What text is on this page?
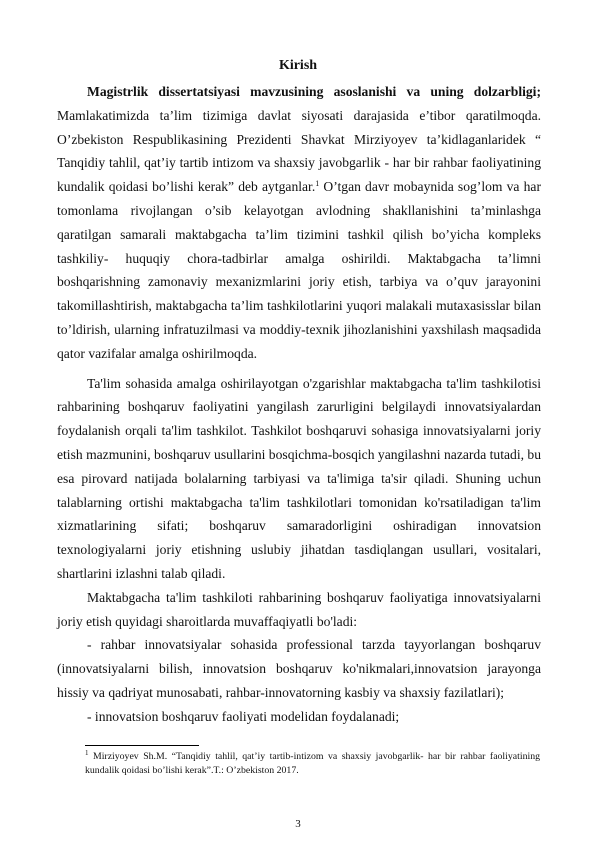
Kirish

Magistrlik dissertatsiyasi mavzusining asoslanishi va uning dolzarbligi; Mamlakatimizda ta’lim tizimiga davlat siyosati darajasida e’tibor qaratilmoqda. O’zbekiston Respublikasining Prezidenti Shavkat Mirziyoyev ta’kidlaganlaridek “ Tanqidiy tahlil, qat’iy tartib intizom va shaxsiy javobgarlik - har bir rahbar faoliyatining kundalik qoidasi bo’lishi kerak” deb aytganlar.$^1$ O’tgan davr mobaynida sog’lom va har tomonlama rivojlangan o’sib kelayotgan avlodning shakllanishini ta’minlashga qaratilgan samarali maktabgacha ta’lim tizimini tashkil qilish bo’yicha kompleks tashkiliy- huquqiy chora-tadbirlar amalga oshirildi. Maktabgacha ta’limni boshqarishning zamonaviy mexanizmlarini joriy etish, tarbiya va o’quv jarayonini takomillashtirish, maktabgacha ta’lim tashkilotlarini yuqori malakali mutaxasisslar bilan to’ldirish, ularning infratuzilmasi va moddiy-texnik jihozlanishini yaxshilash maqsadida qator vazifalar amalga oshirilmoqda.

Ta'lim sohasida amalga oshirilayotgan o'zgarishlar maktabgacha ta'lim tashkilotisi rahbarining boshqaruv faoliyatini yangilash zarurligini belgilaydi innovatsiyalardan foydalanish orqali ta'lim tashkilot. Tashkilot boshqaruvi sohasiga innovatsiyalarni joriy etish mazmunini, boshqaruv usullarini bosqichma-bosqich yangilashni nazarda tutadi, bu esa pirovard natijada bolalarning tarbiyasi va ta'limiga ta'sir qiladi. Shuning uchun talablarning ortishi maktabgacha ta'lim tashkilotlari tomonidan ko'rsatiladigan ta'lim xizmatlarining sifati; boshqaruv samaradorligini oshiradigan innovatsion texnologiyalarni joriy etishning uslubiy jihatdan tasdiqlangan usullari, vositalari, shartlarini izlashni talab qiladi.

Maktabgacha ta'lim tashkiloti rahbarining boshqaruv faoliyatiga innovatsiyalarni joriy etish quyidagi sharoitlarda muvaffaqiyatli bo'ladi:

- rahbar innovatsiyalar sohasida professional tarzda tayyorlangan boshqaruv (innovatsiyalarni bilish, innovatsion boshqaruv ko'nikmalari,innovatsion jarayonga hissiy va qadriyat munosabati, rahbar-innovatorning kasbiy va shaxsiy fazilatlari);

- innovatsion boshqaruv faoliyati modelidan foydalanadi;

$^1$ Mirziyoyev Sh.M. “Tanqidiy tahlil, qat’iy tartib-intizom va shaxsiy javobgarlik- har bir rahbar faoliyatining kundalik qoidasi bo’lishi kerak”.T.: O’zbekiston 2017.
3
